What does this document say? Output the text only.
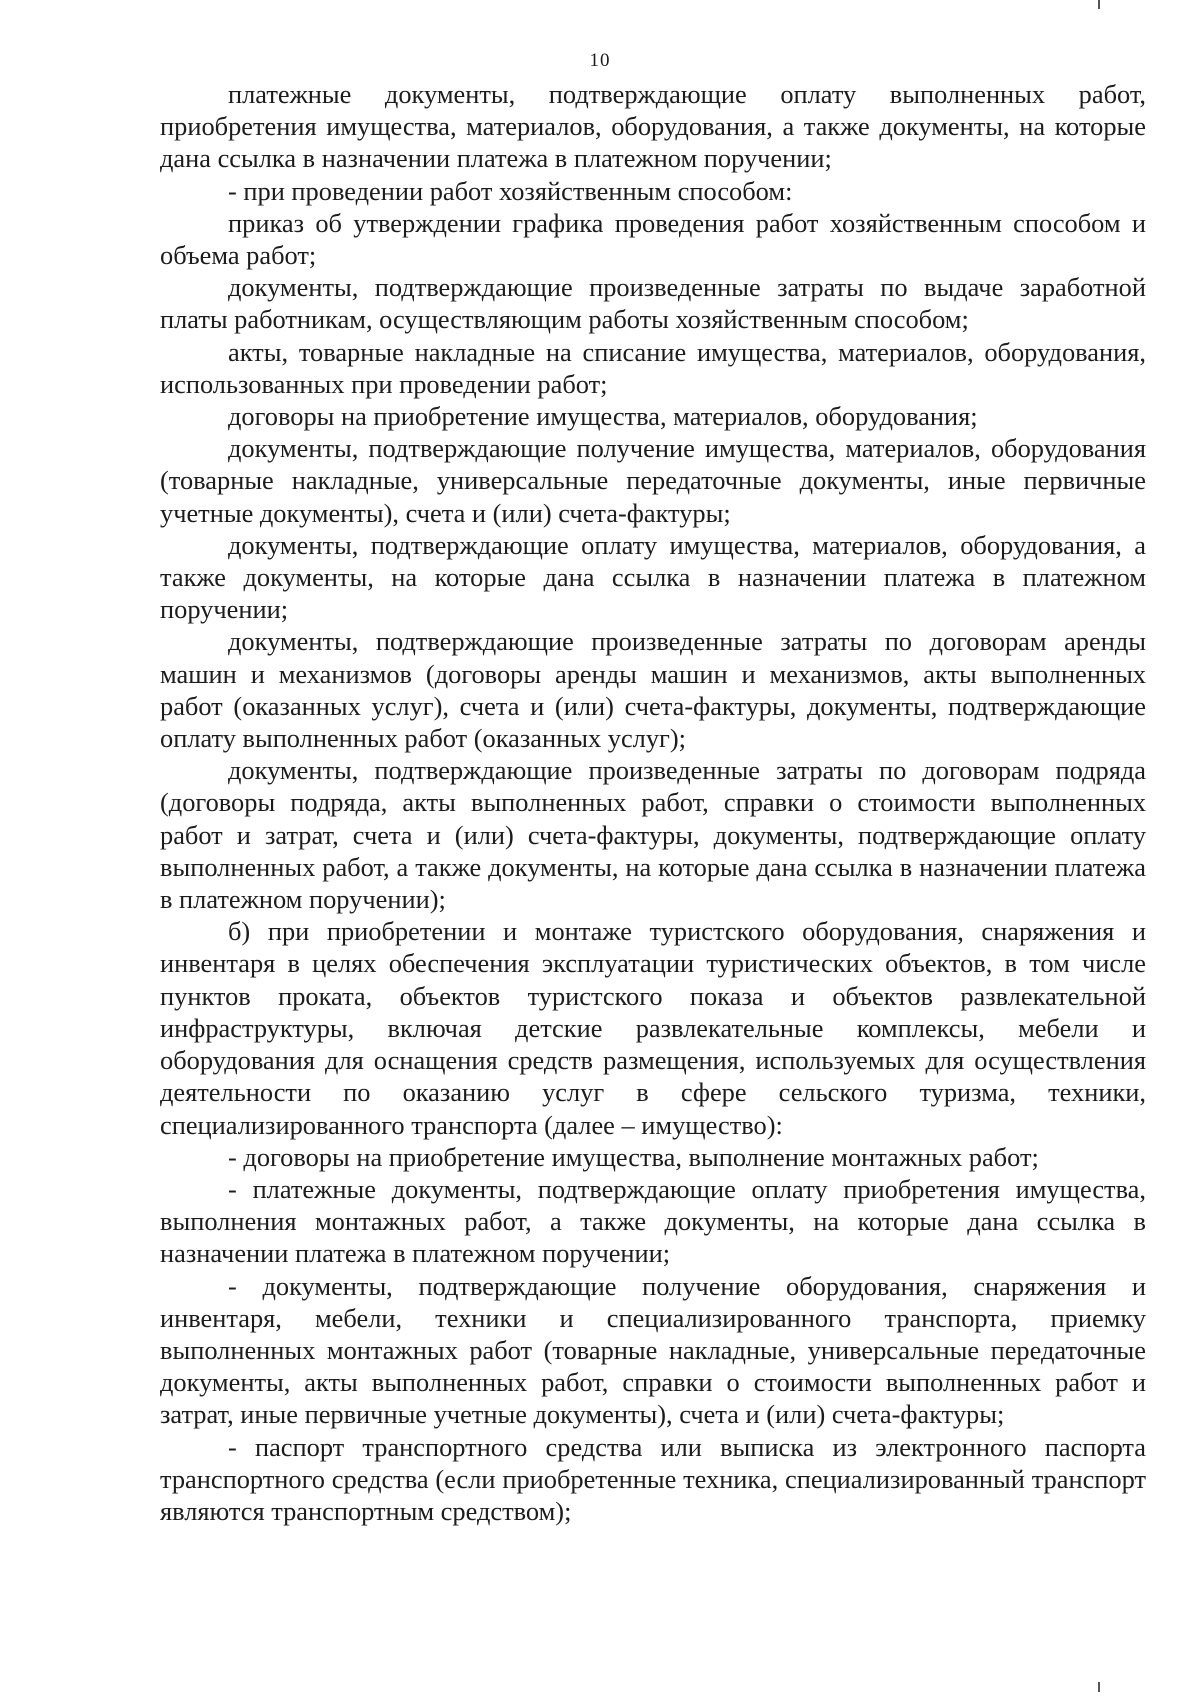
10

платежные документы, подтверждающие оплату выполненных работ, приобретения имущества, материалов, оборудования, а также документы, на которые дана ссылка в назначении платежа в платежном поручении;

- при проведении работ хозяйственным способом:

приказ об утверждении графика проведения работ хозяйственным способом и объема работ;

документы, подтверждающие произведенные затраты по выдаче заработной платы работникам, осуществляющим работы хозяйственным способом;

акты, товарные накладные на списание имущества, материалов, оборудования, использованных при проведении работ;

договоры на приобретение имущества, материалов, оборудования;

документы, подтверждающие получение имущества, материалов, оборудования (товарные накладные, универсальные передаточные документы, иные первичные учетные документы), счета и (или) счета-фактуры;

документы, подтверждающие оплату имущества, материалов, оборудования, а также документы, на которые дана ссылка в назначении платежа в платежном поручении;

документы, подтверждающие произведенные затраты по договорам аренды машин и механизмов (договоры аренды машин и механизмов, акты выполненных работ (оказанных услуг), счета и (или) счета-фактуры, документы, подтверждающие оплату выполненных работ (оказанных услуг);

документы, подтверждающие произведенные затраты по договорам подряда (договоры подряда, акты выполненных работ, справки о стоимости выполненных работ и затрат, счета и (или) счета-фактуры, документы, подтверждающие оплату выполненных работ, а также документы, на которые дана ссылка в назначении платежа в платежном поручении);

б) при приобретении и монтаже туристского оборудования, снаряжения и инвентаря в целях обеспечения эксплуатации туристических объектов, в том числе пунктов проката, объектов туристского показа и объектов развлекательной инфраструктуры, включая детские развлекательные комплексы, мебели и оборудования для оснащения средств размещения, используемых для осуществления деятельности по оказанию услуг в сфере сельского туризма, техники, специализированного транспорта (далее – имущество):

- договоры на приобретение имущества, выполнение монтажных работ;

- платежные документы, подтверждающие оплату приобретения имущества, выполнения монтажных работ, а также документы, на которые дана ссылка в назначении платежа в платежном поручении;

- документы, подтверждающие получение оборудования, снаряжения и инвентаря, мебели, техники и специализированного транспорта, приемку выполненных монтажных работ (товарные накладные, универсальные передаточные документы, акты выполненных работ, справки о стоимости выполненных работ и затрат, иные первичные учетные документы), счета и (или) счета-фактуры;

- паспорт транспортного средства или выписка из электронного паспорта транспортного средства (если приобретенные техника, специализированный транспорт являются транспортным средством);
